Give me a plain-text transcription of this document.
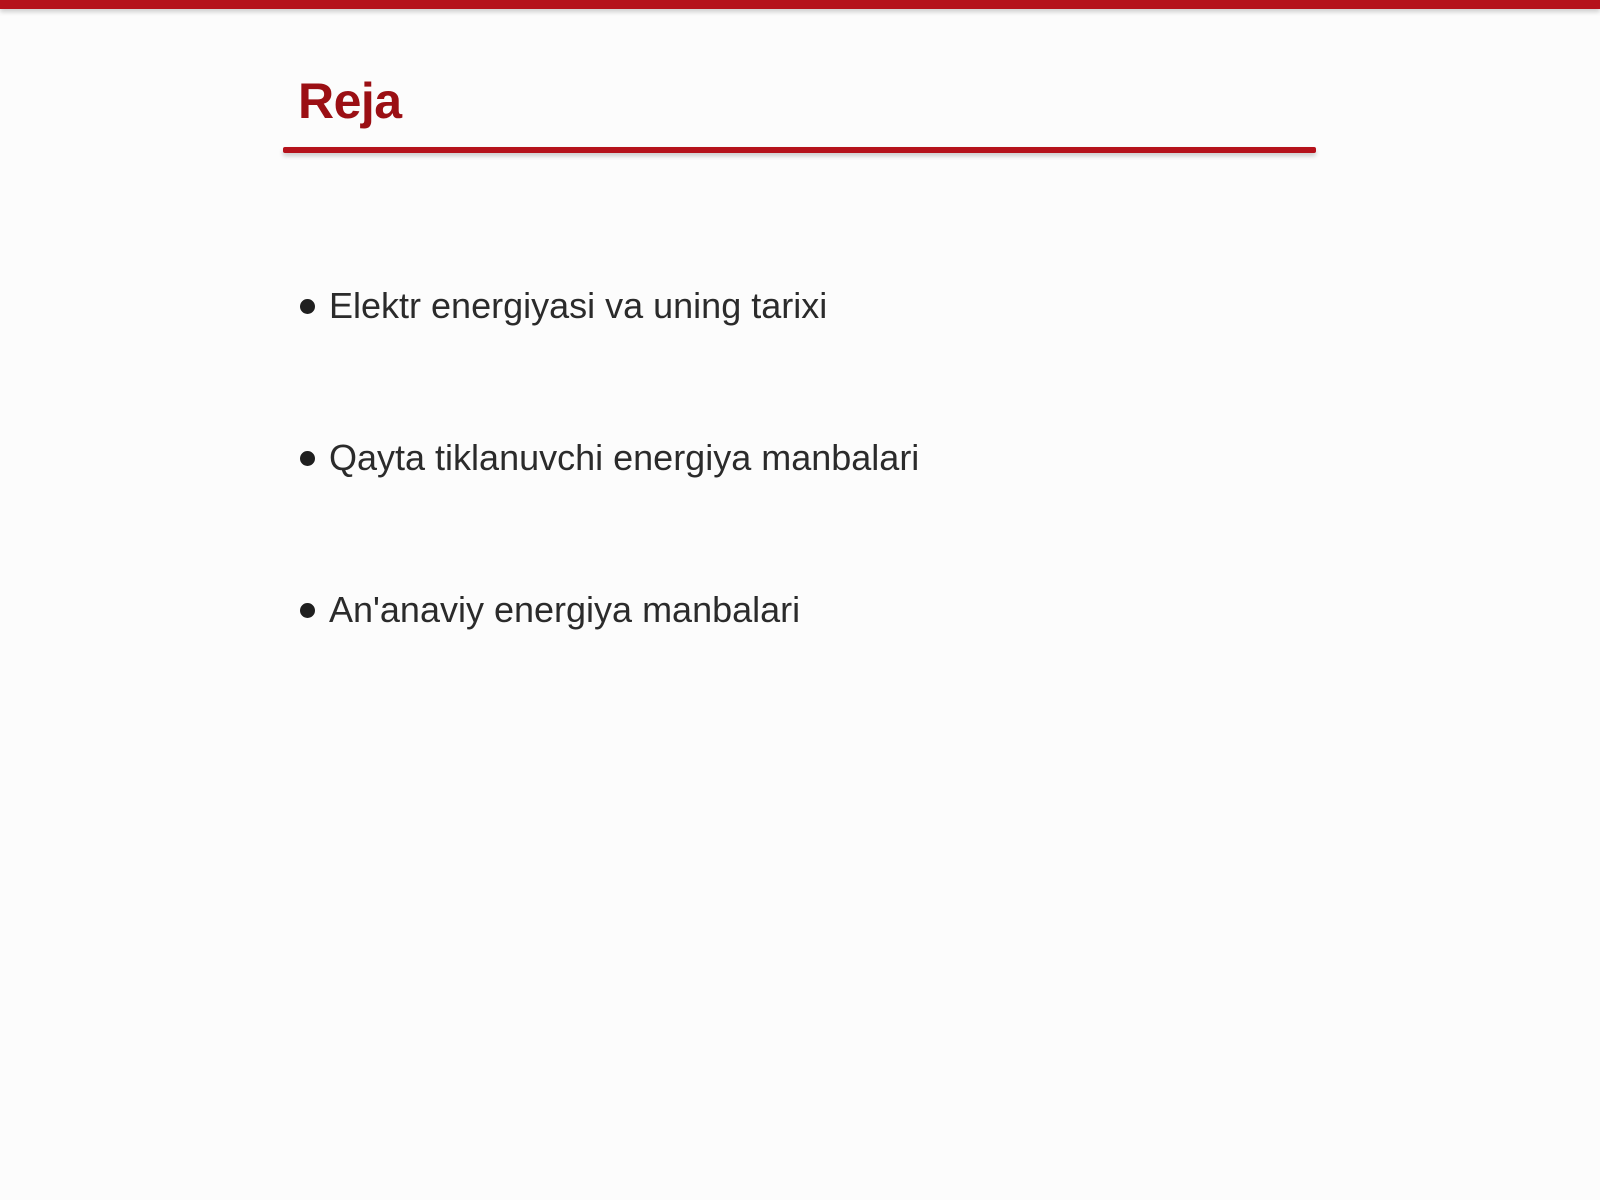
Reja
Elektr energiyasi va uning tarixi
Qayta tiklanuvchi energiya manbalari
An'anaviy energiya manbalari
